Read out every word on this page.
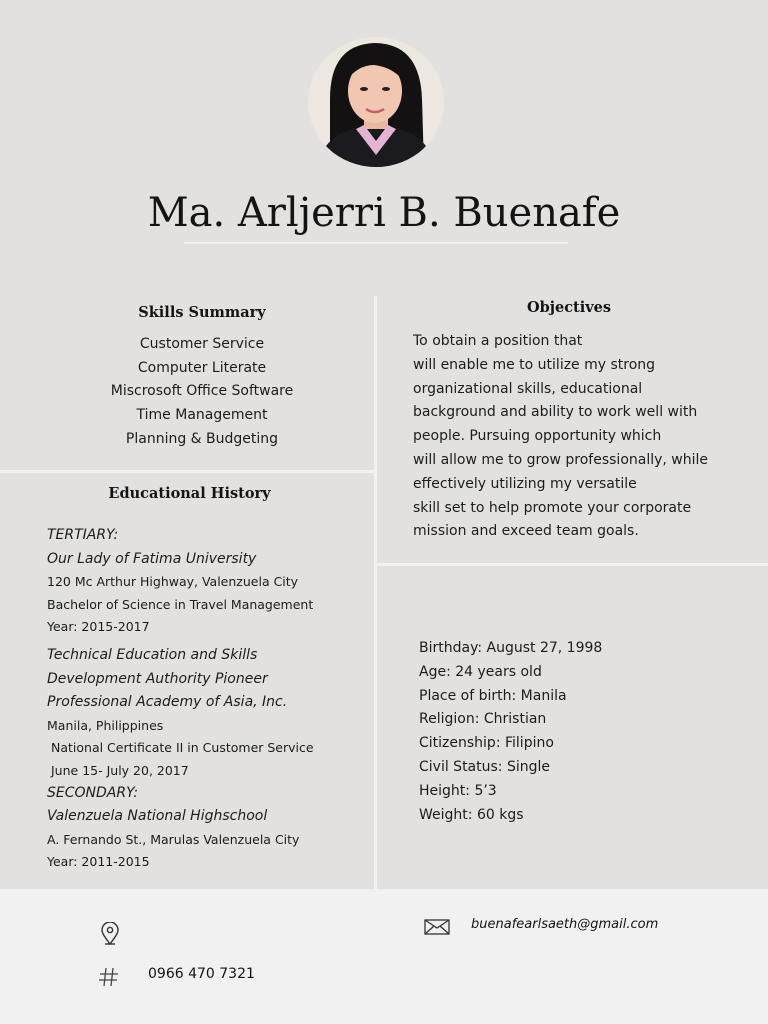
Ma. Arljerri B. Buenafe
Skills Summary
Customer Service
Computer Literate
Miscrosoft Office Software
Time Management
Planning & Budgeting
Objectives
To obtain a position that
will enable me to utilize my strong
organizational skills, educational
background and ability to work well with
people. Pursuing opportunity which
will allow me to grow professionally, while
effectively utilizing my versatile
skill set to help promote your corporate
mission and exceed team goals.
Educational History
TERTIARY:
Our Lady of Fatima University
120 Mc Arthur Highway, Valenzuela City
Bachelor of Science in Travel Management
Year: 2015-2017
Technical Education and Skills
Development Authority Pioneer
Professional Academy of Asia, Inc.
Manila, Philippines
National Certificate II in Customer Service
June 15- July 20, 2017
SECONDARY:
Valenzuela National Highschool
A. Fernando St., Marulas Valenzuela City
Year: 2011-2015
Birthday: August 27, 1998
Age: 24 years old
Place of birth: Manila
Religion: Christian
Citizenship: Filipino
Civil Status: Single
Height: 5’3
Weight: 60 kgs
buenafearlsaeth@gmail.com
0966 470 7321
